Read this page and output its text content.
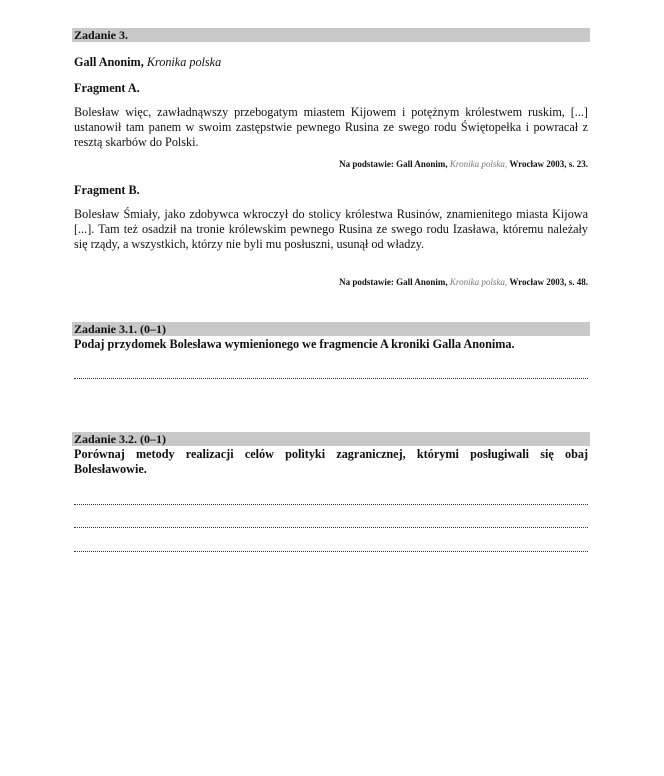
Zadanie 3.
Gall Anonim, Kronika polska
Fragment A.
Bolesław więc, zawładnąwszy przebogatym miastem Kijowem i potężnym królestwem ruskim, [...] ustanowił tam panem w swoim zastępstwie pewnego Rusina ze swego rodu Świętopełka i powracał z resztą skarbów do Polski.
Na podstawie: Gall Anonim, Kronika polska, Wrocław 2003, s. 23.
Fragment B.
Bolesław Śmiały, jako zdobywca wkroczył do stolicy królestwa Rusinów, znamienitego miasta Kijowa [...]. Tam też osadził na tronie królewskim pewnego Rusina ze swego rodu Izasława, któremu należały się rządy, a wszystkich, którzy nie byli mu posłuszni, usunął od władzy.
Na podstawie: Gall Anonim, Kronika polska, Wrocław 2003, s. 48.
Zadanie 3.1. (0–1)
Podaj przydomek Bolesława wymienionego we fragmencie A kroniki Galla Anonima.
Zadanie 3.2. (0–1)
Porównaj metody realizacji celów polityki zagranicznej, którymi posługiwali się obaj Bolesławowie.
